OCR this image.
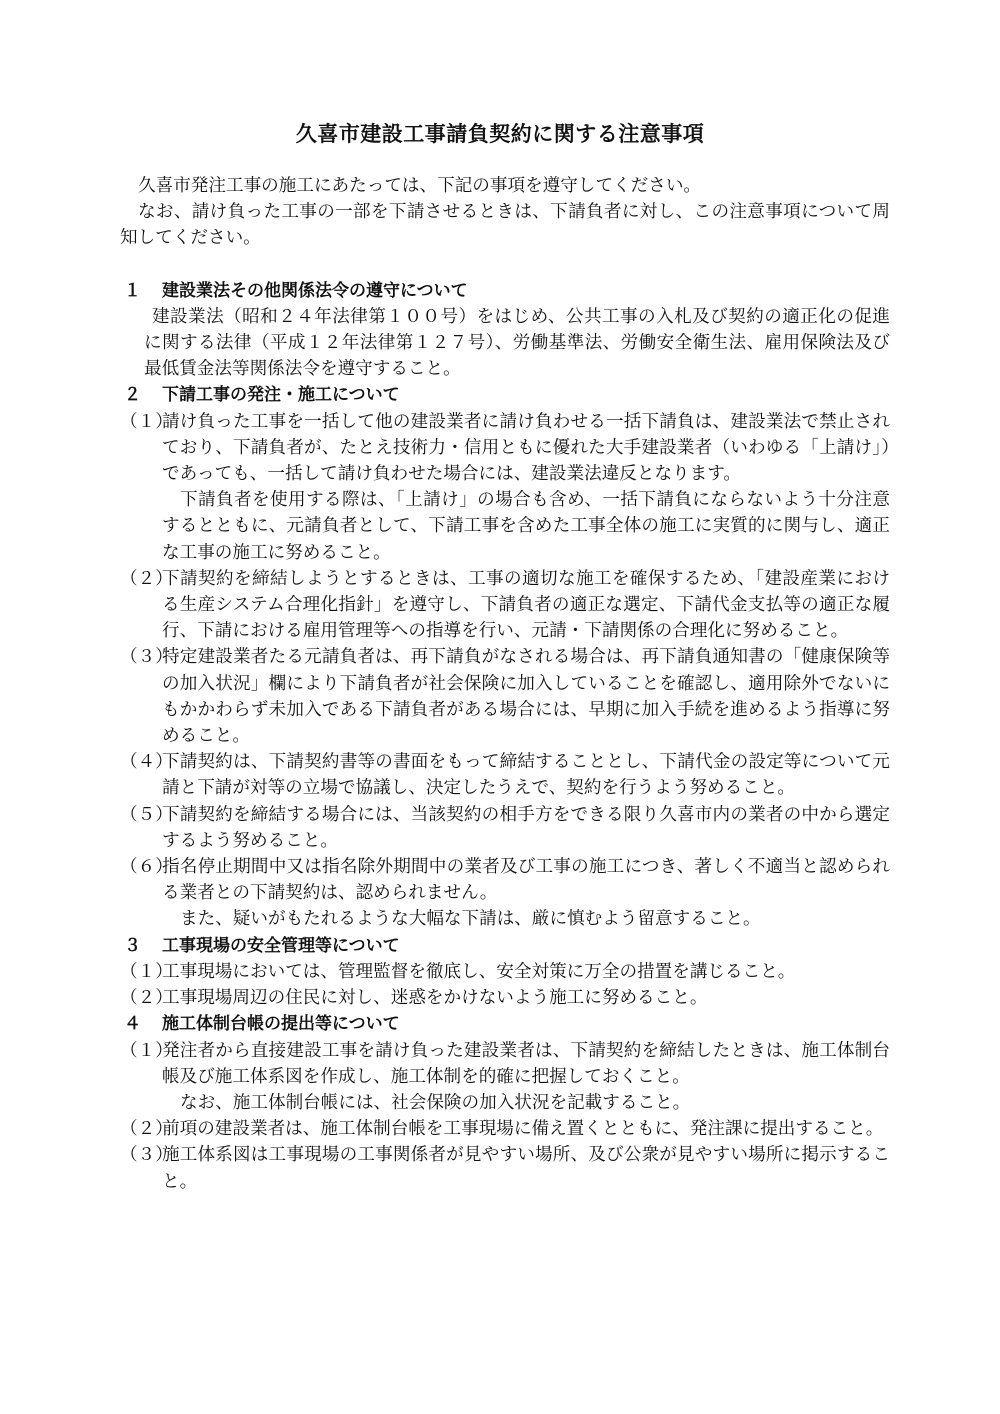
久喜市建設工事請負契約に関する注意事項

久喜市発注工事の施工にあたっては、下記の事項を遵守してください。

なお、請け負った工事の一部を下請させるときは、下請負者に対し、この注意事項について周知してください。

１ 建設業法その他関係法令の遵守について

建設業法（昭和２４年法律第１００号）をはじめ、公共工事の入札及び契約の適正化の促進に関する法律（平成１２年法律第１２７号）、労働基準法、労働安全衛生法、雇用保険法及び最低賃金法等関係法令を遵守すること。

２ 下請工事の発注・施工について
（１）
請け負った工事を一括して他の建設業者に請け負わせる一括下請負は、建設業法で禁止されており、下請負者が、たとえ技術力・信用ともに優れた大手建設業者（いわゆる「上請け」）であっても、一括して請け負わせた場合には、建設業法違反となります。

下請負者を使用する際は、「上請け」の場合も含め、一括下請負にならないよう十分注意するとともに、元請負者として、下請工事を含めた工事全体の施工に実質的に関与し、適正な工事の施工に努めること。

（２）
下請契約を締結しようとするときは、工事の適切な施工を確保するため、「建設産業における生産システム合理化指針」を遵守し、下請負者の適正な選定、下請代金支払等の適正な履行、下請における雇用管理等への指導を行い、元請・下請関係の合理化に努めること。
（３）
特定建設業者たる元請負者は、再下請負がなされる場合は、再下請負通知書の「健康保険等の加入状況」欄により下請負者が社会保険に加入していることを確認し、適用除外でないにもかかわらず未加入である下請負者がある場合には、早期に加入手続を進めるよう指導に努めること。
（４）
下請契約は、下請契約書等の書面をもって締結することとし、下請代金の設定等について元請と下請が対等の立場で協議し、決定したうえで、契約を行うよう努めること。
（５）
下請契約を締結する場合には、当該契約の相手方をできる限り久喜市内の業者の中から選定するよう努めること。
（６）
指名停止期間中又は指名除外期間中の業者及び工事の施工につき、著しく不適当と認められる業者との下請契約は、認められません。

また、疑いがもたれるような大幅な下請は、厳に慎むよう留意すること。

３ 工事現場の安全管理等について
（１）
工事現場においては、管理監督を徹底し、安全対策に万全の措置を講じること。
（２）
工事現場周辺の住民に対し、迷惑をかけないよう施工に努めること。
４ 施工体制台帳の提出等について
（１）
発注者から直接建設工事を請け負った建設業者は、下請契約を締結したときは、施工体制台帳及び施工体系図を作成し、施工体制を的確に把握しておくこと。

なお、施工体制台帳には、社会保険の加入状況を記載すること。

（２）
前項の建設業者は、施工体制台帳を工事現場に備え置くとともに、発注課に提出すること。
（３）
施工体系図は工事現場の工事関係者が見やすい場所、及び公衆が見やすい場所に掲示すること。
